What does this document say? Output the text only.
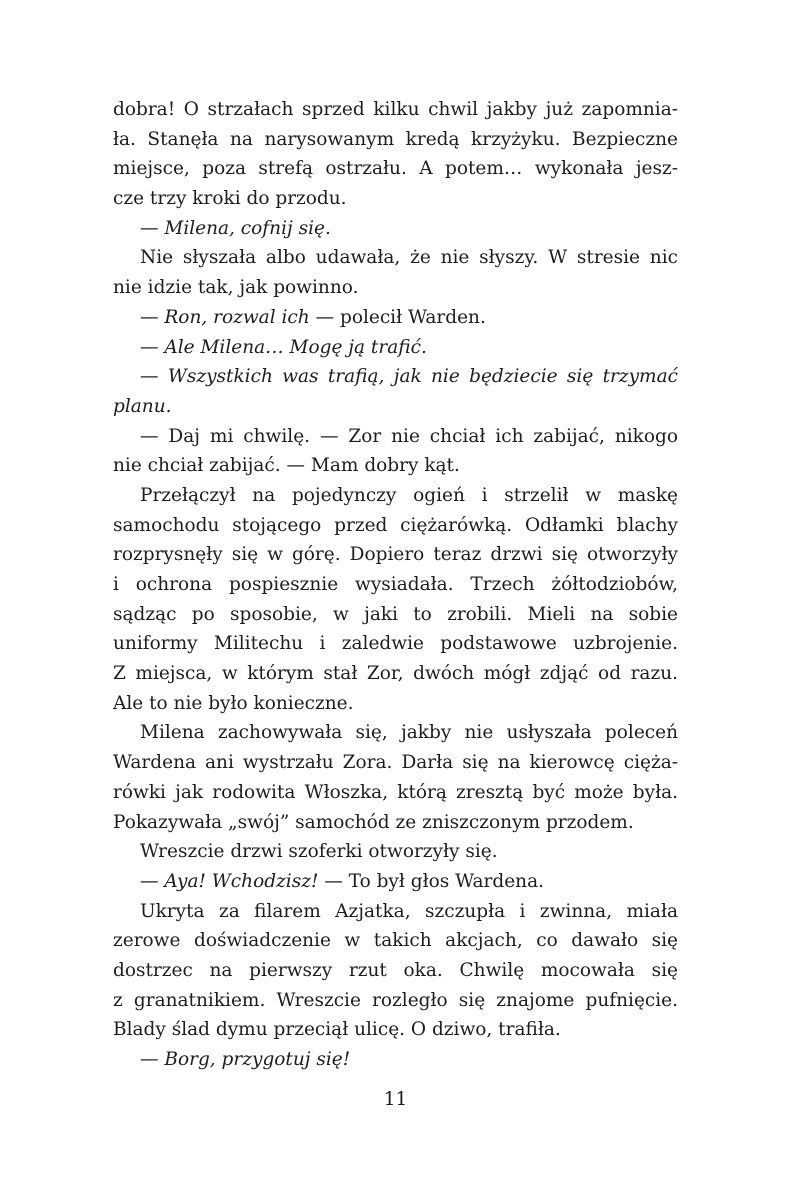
dobra! O strzałach sprzed kilku chwil jakby już zapomnia-
ła. Stanęła na narysowanym kredą krzyżyku. Bezpieczne
miejsce, poza strefą ostrzału. A potem… wykonała jesz-
cze trzy kroki do przodu.
— Milena, cofnij się.
Nie słyszała albo udawała, że nie słyszy. W stresie nic
nie idzie tak, jak powinno.
— Ron, rozwal ich — polecił Warden.
— Ale Milena… Mogę ją trafić.
— Wszystkich was trafią, jak nie będziecie się trzymać
planu.
— Daj mi chwilę. — Zor nie chciał ich zabijać, nikogo
nie chciał zabijać. — Mam dobry kąt.
Przełączył na pojedynczy ogień i strzelił w maskę
samochodu stojącego przed ciężarówką. Odłamki blachy
rozprysnęły się w górę. Dopiero teraz drzwi się otworzyły
i ochrona pospiesznie wysiadała. Trzech żółtodziobów,
sądząc po sposobie, w jaki to zrobili. Mieli na sobie
uniformy Militechu i zaledwie podstawowe uzbrojenie.
Z miejsca, w którym stał Zor, dwóch mógł zdjąć od razu.
Ale to nie było konieczne.
Milena zachowywała się, jakby nie usłyszała poleceń
Wardena ani wystrzału Zora. Darła się na kierowcę cięża-
rówki jak rodowita Włoszka, którą zresztą być może była.
Pokazywała „swój” samochód ze zniszczonym przodem.
Wreszcie drzwi szoferki otworzyły się.
— Aya! Wchodzisz! — To był głos Wardena.
Ukryta za filarem Azjatka, szczupła i zwinna, miała
zerowe doświadczenie w takich akcjach, co dawało się
dostrzec na pierwszy rzut oka. Chwilę mocowała się
z granatnikiem. Wreszcie rozległo się znajome pufnięcie.
Blady ślad dymu przeciął ulicę. O dziwo, trafiła.
— Borg, przygotuj się!
11
